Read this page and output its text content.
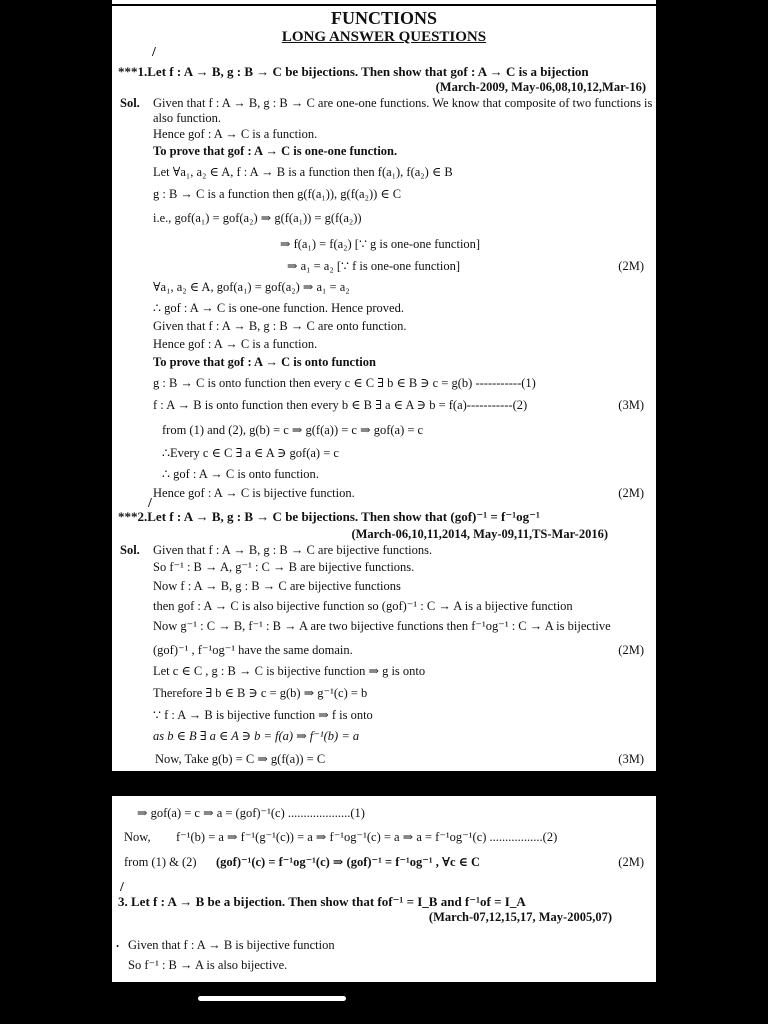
FUNCTIONS
LONG ANSWER QUESTIONS
/
***1.Let f : A → B, g : B → C be bijections. Then show that gof : A → C is a bijection
(March-2009, May-06,08,10,12,Mar-16)
Sol. Given that f : A → B, g : B → C are one-one functions. We know that composite of two functions is
also function.
Hence gof : A → C is a function.
To prove that gof : A → C is one-one function.
Let ∀a₁, a₂ ∈ A, f : A → B is a function then f(a₁), f(a₂) ∈ B
g : B → C is a function then g(f(a₁)), g(f(a₂)) ∈ C
i.e., gof(a₁) = gof(a₂) ⇒ g(f(a₁)) = g(f(a₂))
⇒ f(a₁) = f(a₂) [∵ g is one-one function]
⇒ a₁ = a₂ [∵ f is one-one function]	(2M)
∀a₁, a₂ ∈ A, gof(a₁) = gof(a₂) ⇒ a₁ = a₂
∴ gof : A → C is one-one function. Hence proved.
Given that f : A → B, g : B → C are onto function.
Hence gof : A → C is a function.
To prove that gof : A → C is onto function
g : B → C is onto function then every c ∈ C ∃ b ∈ B ∋ c = g(b) -----------(1)
f : A → B is onto function then every b ∈ B ∃ a ∈ A ∋ b = f(a)-----------(2)	(3M)
from (1) and (2), g(b) = c ⇒ g(f(a)) = c ⇒ gof(a) = c
∴Every c ∈ C ∃ a ∈ A ∋ gof(a) = c
∴ gof : A → C is onto function.
Hence gof : A → C is bijective function.	(2M)
/
***2.Let f : A → B, g : B → C be bijections. Then show that (gof)⁻¹ = f⁻¹og⁻¹
(March-06,10,11,2014, May-09,11,TS-Mar-2016)
Sol. Given that f : A → B, g : B → C are bijective functions.
So f⁻¹ : B → A, g⁻¹ : C → B are bijective functions.
Now f : A → B, g : B → C are bijective functions
then gof : A → C is also bijective function so (gof)⁻¹ : C → A is a bijective function
Now g⁻¹ : C → B, f⁻¹ : B → A are two bijective functions then f⁻¹og⁻¹ : C → A is bijective
(gof)⁻¹ , f⁻¹og⁻¹ have the same domain.	(2M)
Let c ∈ C , g : B → C is bijective function ⇒ g is onto
Therefore ∃ b ∈ B ∋ c = g(b) ⇒ g⁻¹(c) = b
∵ f : A → B is bijective function ⇒ f is onto
as b ∈ B ∃ a ∈ A ∋ b = f(a) ⇒ f⁻¹(b) = a
Now, Take g(b) = C ⇒ g(f(a)) = C	(3M)
⇒ gof(a) = c ⇒ a = (gof)⁻¹(c) ....................(1)
Now, f⁻¹(b) = a ⇒ f⁻¹(g⁻¹(c)) = a ⇒ f⁻¹og⁻¹(c) = a ⇒ a = f⁻¹og⁻¹(c) .................(2)
from (1) & (2) (gof)⁻¹(c) = f⁻¹og⁻¹(c) ⇒ (gof)⁻¹ = f⁻¹og⁻¹ , ∀c ∈ C	(2M)
/
3. Let f : A → B be a bijection. Then show that fof⁻¹ = I_B and f⁻¹of = I_A
(March-07,12,15,17, May-2005,07)
. Given that f : A → B is bijective function
So f⁻¹ : B → A is also bijective.
